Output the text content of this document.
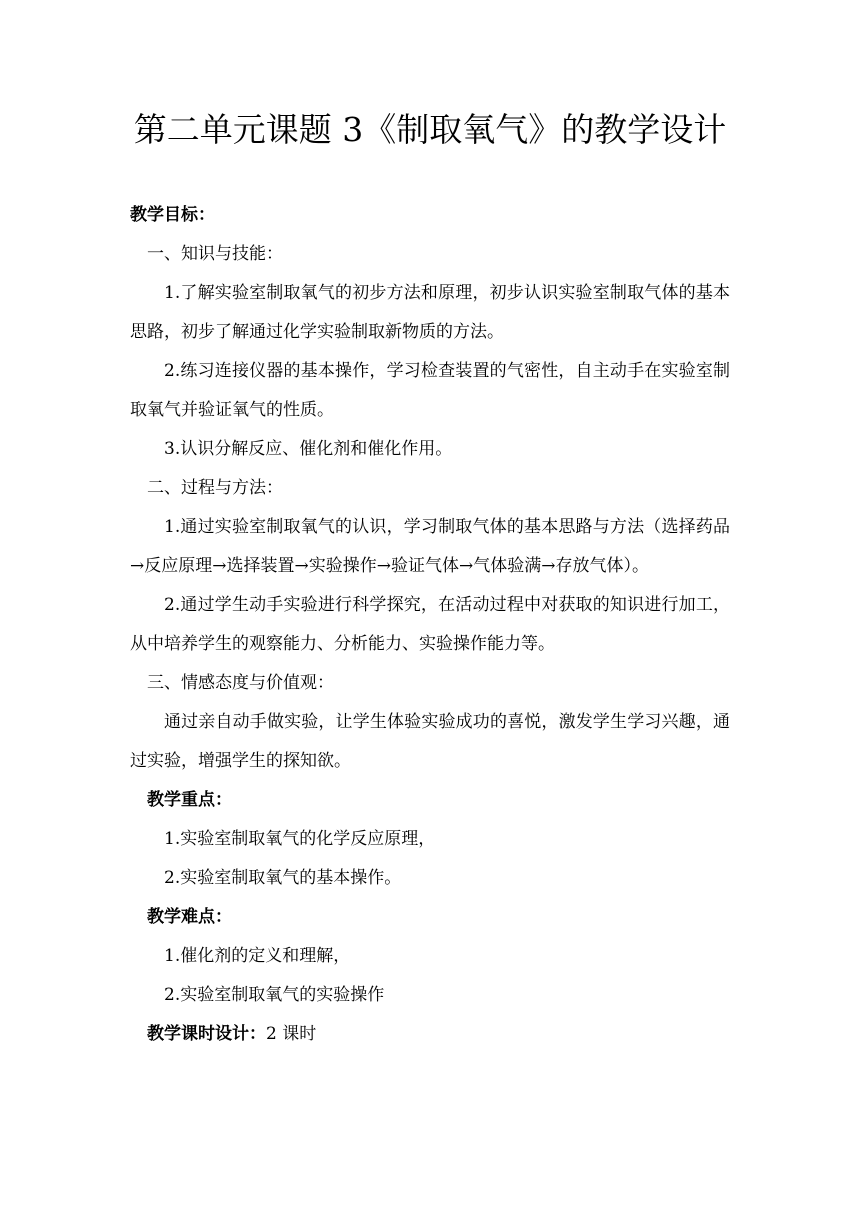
第二单元课题 3《制取氧气》的教学设计
教学目标：
一、知识与技能：
1.了解实验室制取氧气的初步方法和原理，初步认识实验室制取气体的基本
思路，初步了解通过化学实验制取新物质的方法。
2.练习连接仪器的基本操作，学习检查装置的气密性，自主动手在实验室制
取氧气并验证氧气的性质。
3.认识分解反应、催化剂和催化作用。
二、过程与方法：
1.通过实验室制取氧气的认识，学习制取气体的基本思路与方法（选择药品
→反应原理→选择装置→实验操作→验证气体→气体验满→存放气体）。
2.通过学生动手实验进行科学探究，在活动过程中对获取的知识进行加工，
从中培养学生的观察能力、分析能力、实验操作能力等。
三、情感态度与价值观：
通过亲自动手做实验，让学生体验实验成功的喜悦，激发学生学习兴趣，通
过实验，增强学生的探知欲。
教学重点：
1.实验室制取氧气的化学反应原理，
2.实验室制取氧气的基本操作。
教学难点：
1.催化剂的定义和理解，
2.实验室制取氧气的实验操作
教学课时设计：2 课时
